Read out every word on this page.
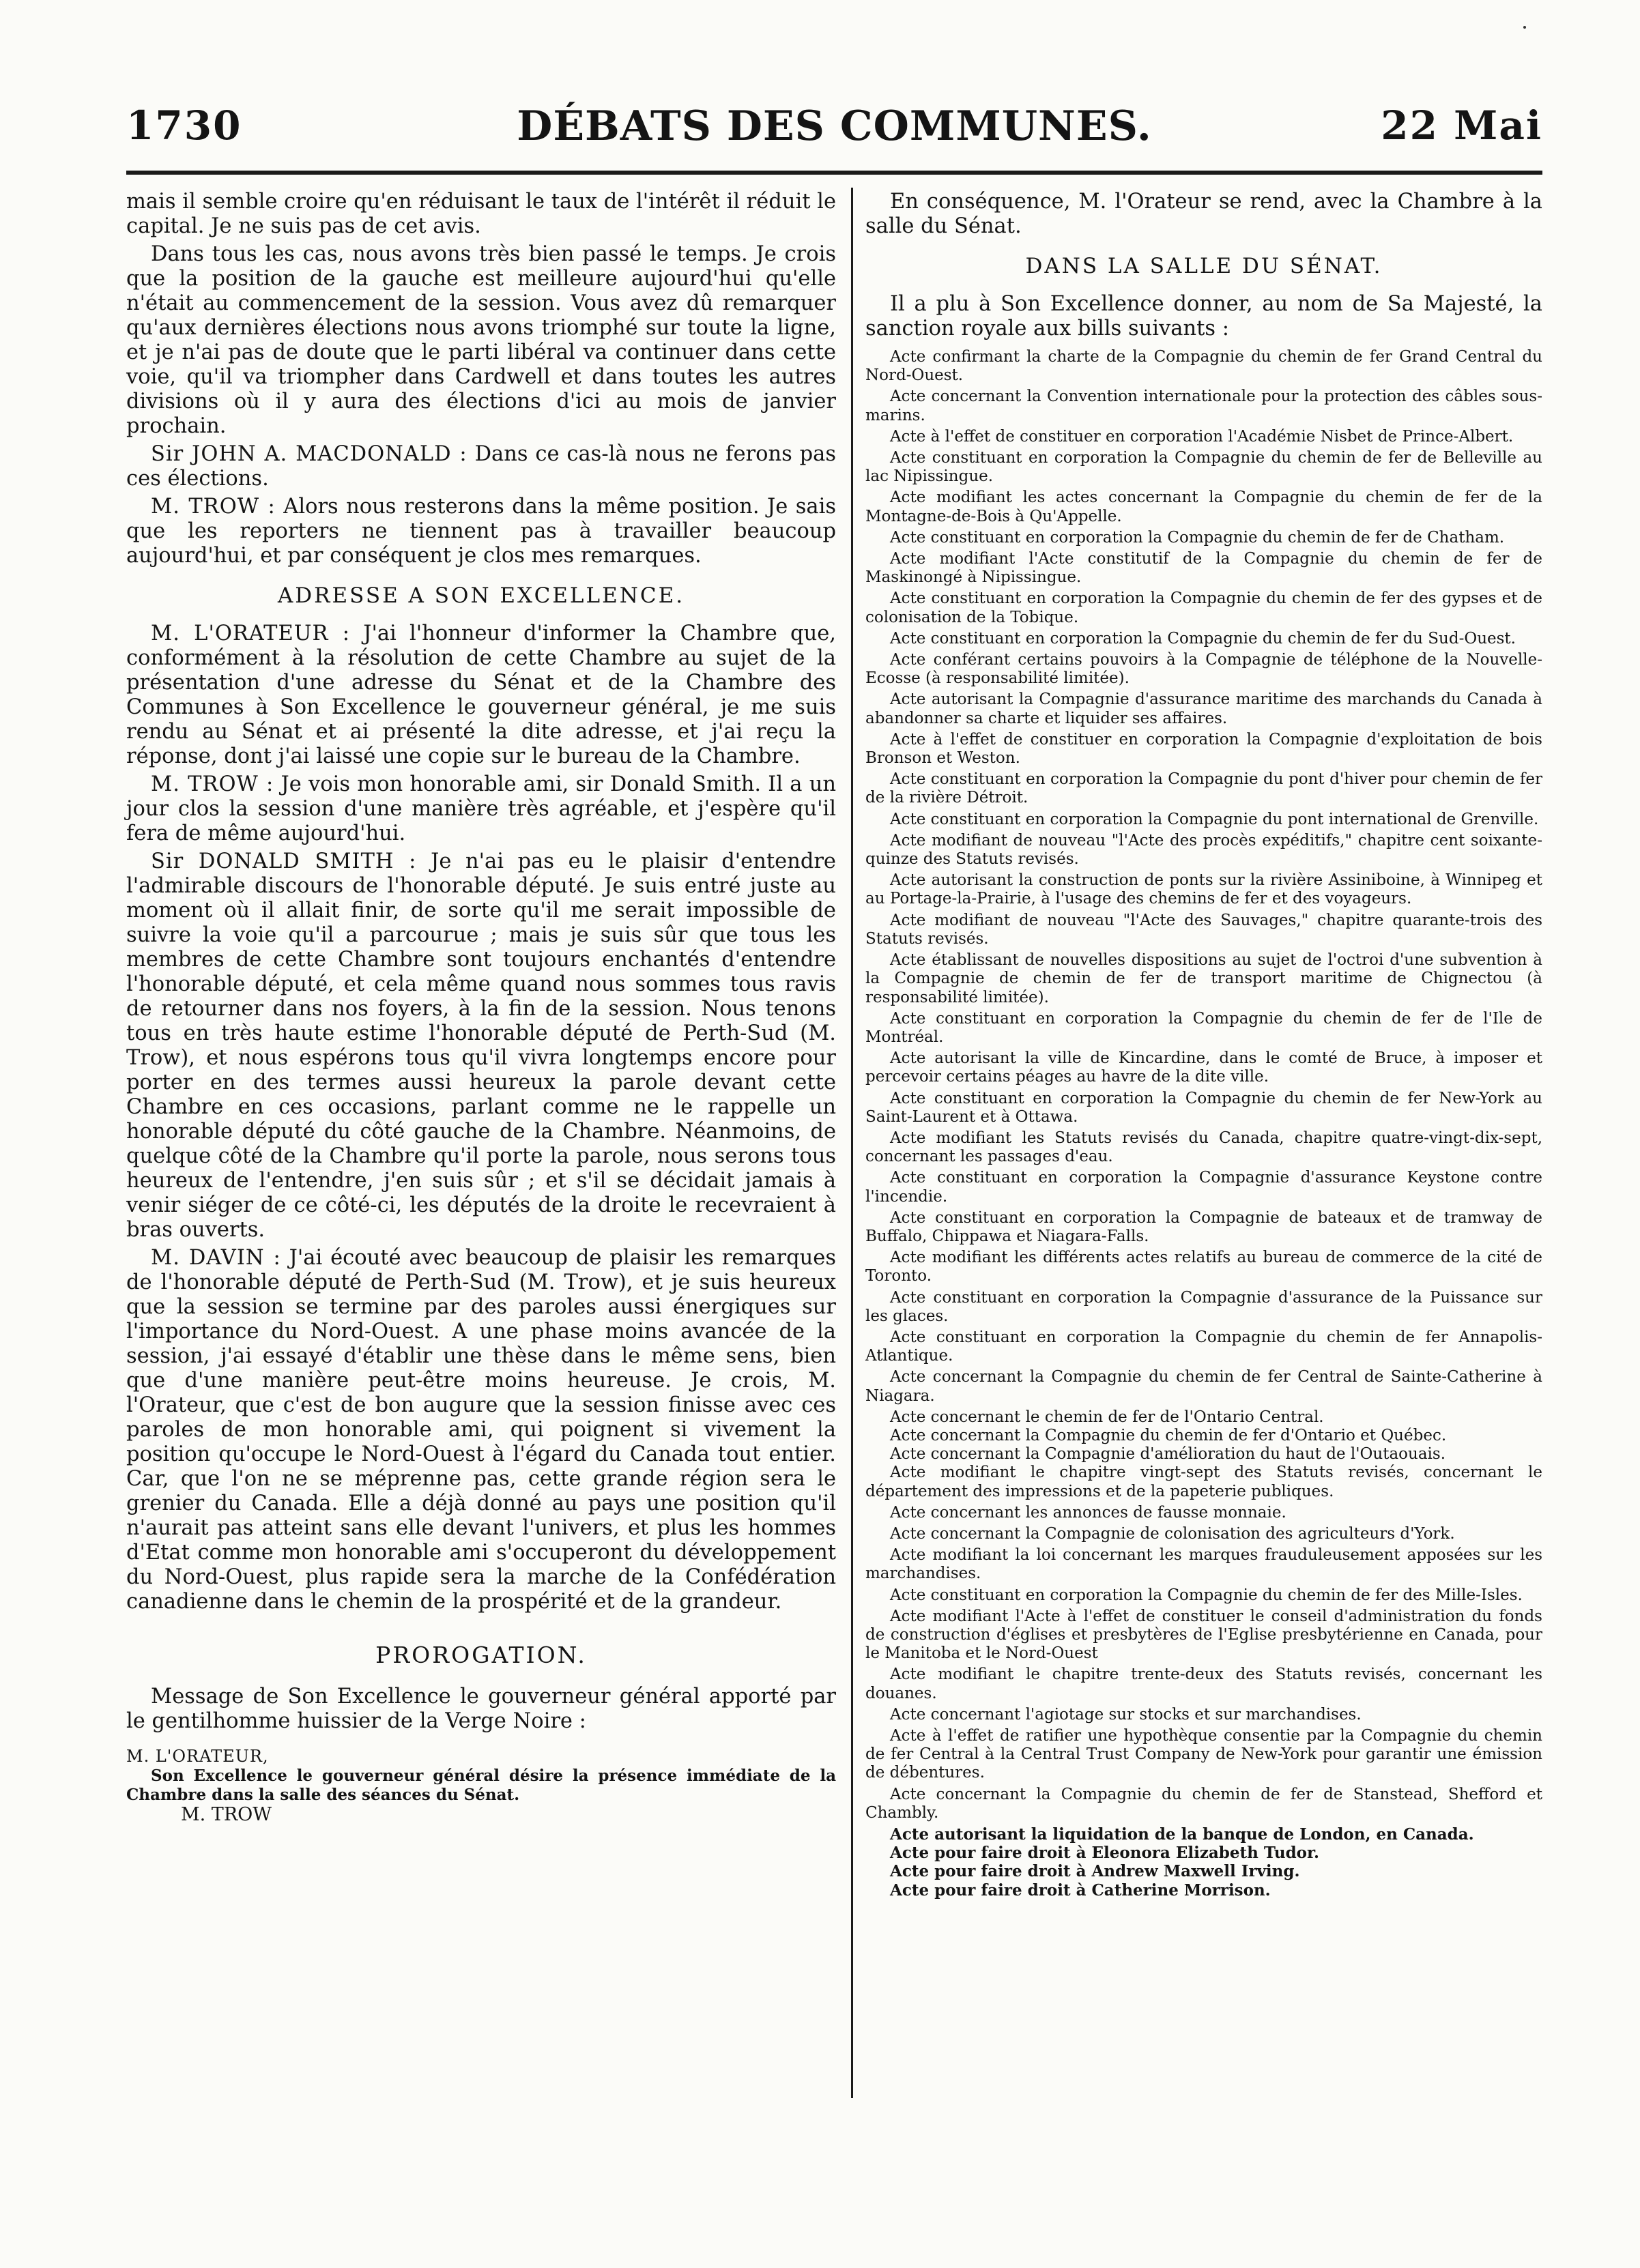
1730	DÉBATS DES COMMUNES.	22 Mai

mais il semble croire qu'en réduisant le taux de l'intérêt il réduit le capital. Je ne suis pas de cet avis.

Dans tous les cas, nous avons très bien passé le temps. Je crois que la position de la gauche est meilleure aujourd'hui qu'elle n'était au commencement de la session. Vous avez dû remarquer qu'aux dernières élections nous avons triomphé sur toute la ligne, et je n'ai pas de doute que le parti libéral va continuer dans cette voie, qu'il va triompher dans Cardwell et dans toutes les autres divisions où il y aura des élections d'ici au mois de janvier prochain.

Sir JOHN A. MACDONALD : Dans ce cas-là nous ne ferons pas ces élections.

M. TROW : Alors nous resterons dans la même position. Je sais que les reporters ne tiennent pas à travailler beaucoup aujourd'hui, et par conséquent je clos mes remarques.

ADRESSE A SON EXCELLENCE.

M. L'ORATEUR : J'ai l'honneur d'informer la Chambre que, conformément à la résolution de cette Chambre au sujet de la présentation d'une adresse du Sénat et de la Chambre des Communes à Son Excellence le gouverneur général, je me suis rendu au Sénat et ai présenté la dite adresse, et j'ai reçu la réponse, dont j'ai laissé une copie sur le bureau de la Chambre.

M. TROW : Je vois mon honorable ami, sir Donald Smith. Il a un jour clos la session d'une manière très agréable, et j'espère qu'il fera de même aujourd'hui.

Sir DONALD SMITH : Je n'ai pas eu le plaisir d'entendre l'admirable discours de l'honorable député. Je suis entré juste au moment où il allait finir, de sorte qu'il me serait impossible de suivre la voie qu'il a parcourue ; mais je suis sûr que tous les membres de cette Chambre sont toujours enchantés d'entendre l'honorable député, et cela même quand nous sommes tous ravis de retourner dans nos foyers, à la fin de la session. Nous tenons tous en très haute estime l'honorable député de Perth-Sud (M. Trow), et nous espérons tous qu'il vivra longtemps encore pour porter en des termes aussi heureux la parole devant cette Chambre en ces occasions, parlant comme ne le rappelle un honorable député du côté gauche de la Chambre. Néanmoins, de quelque côté de la Chambre qu'il porte la parole, nous serons tous heureux de l'entendre, j'en suis sûr ; et s'il se décidait jamais à venir siéger de ce côté-ci, les députés de la droite le recevraient à bras ouverts.

M. DAVIN : J'ai écouté avec beaucoup de plaisir les remarques de l'honorable député de Perth-Sud (M. Trow), et je suis heureux que la session se termine par des paroles aussi énergiques sur l'importance du Nord-Ouest. A une phase moins avancée de la session, j'ai essayé d'établir une thèse dans le même sens, bien que d'une manière peut-être moins heureuse. Je crois, M. l'Orateur, que c'est de bon augure que la session finisse avec ces paroles de mon honorable ami, qui poignent si vivement la position qu'occupe le Nord-Ouest à l'égard du Canada tout entier. Car, que l'on ne se méprenne pas, cette grande région sera le grenier du Canada. Elle a déjà donné au pays une position qu'il n'aurait pas atteint sans elle devant l'univers, et plus les hommes d'Etat comme mon honorable ami s'occuperont du développement du Nord-Ouest, plus rapide sera la marche de la Confédération canadienne dans le chemin de la prospérité et de la grandeur.

PROROGATION.

Message de Son Excellence le gouverneur général apporté par le gentilhomme huissier de la Verge Noire :

M. L'ORATEUR,

Son Excellence le gouverneur général désire la présence immédiate de la Chambre dans la salle des séances du Sénat.

M. TROW

En conséquence, M. l'Orateur se rend, avec la Chambre à la salle du Sénat.

DANS LA SALLE DU SÉNAT.

Il a plu à Son Excellence donner, au nom de Sa Majesté, la sanction royale aux bills suivants :

Acte confirmant la charte de la Compagnie du chemin de fer Grand Central du Nord-Ouest.

Acte concernant la Convention internationale pour la protection des câbles sous-marins.

Acte à l'effet de constituer en corporation l'Académie Nisbet de Prince-Albert.

Acte constituant en corporation la Compagnie du chemin de fer de Belleville au lac Nipissingue.

Acte modifiant les actes concernant la Compagnie du chemin de fer de la Montagne-de-Bois à Qu'Appelle.

Acte constituant en corporation la Compagnie du chemin de fer de Chatham.

Acte modifiant l'Acte constitutif de la Compagnie du chemin de fer de Maskinongé à Nipissingue.

Acte constituant en corporation la Compagnie du chemin de fer des gypses et de colonisation de la Tobique.

Acte constituant en corporation la Compagnie du chemin de fer du Sud-Ouest.

Acte conférant certains pouvoirs à la Compagnie de téléphone de la Nouvelle-Ecosse (à responsabilité limitée).

Acte autorisant la Compagnie d'assurance maritime des marchands du Canada à abandonner sa charte et liquider ses affaires.

Acte à l'effet de constituer en corporation la Compagnie d'exploitation de bois Bronson et Weston.

Acte constituant en corporation la Compagnie du pont d'hiver pour chemin de fer de la rivière Détroit.

Acte constituant en corporation la Compagnie du pont international de Grenville.

Acte modifiant de nouveau "l'Acte des procès expéditifs," chapitre cent soixante-quinze des Statuts revisés.

Acte autorisant la construction de ponts sur la rivière Assiniboine, à Winnipeg et au Portage-la-Prairie, à l'usage des chemins de fer et des voyageurs.

Acte modifiant de nouveau "l'Acte des Sauvages," chapitre quarante-trois des Statuts revisés.

Acte établissant de nouvelles dispositions au sujet de l'octroi d'une subvention à la Compagnie de chemin de fer de transport maritime de Chignectou (à responsabilité limitée).

Acte constituant en corporation la Compagnie du chemin de fer de l'Ile de Montréal.

Acte autorisant la ville de Kincardine, dans le comté de Bruce, à imposer et percevoir certains péages au havre de la dite ville.

Acte constituant en corporation la Compagnie du chemin de fer New-York au Saint-Laurent et à Ottawa.

Acte modifiant les Statuts revisés du Canada, chapitre quatre-vingt-dix-sept, concernant les passages d'eau.

Acte constituant en corporation la Compagnie d'assurance Keystone contre l'incendie.

Acte constituant en corporation la Compagnie de bateaux et de tramway de Buffalo, Chippawa et Niagara-Falls.

Acte modifiant les différents actes relatifs au bureau de commerce de la cité de Toronto.

Acte constituant en corporation la Compagnie d'assurance de la Puissance sur les glaces.

Acte constituant en corporation la Compagnie du chemin de fer Annapolis-Atlantique.

Acte concernant la Compagnie du chemin de fer Central de Sainte-Catherine à Niagara.

Acte concernant le chemin de fer de l'Ontario Central.

Acte concernant la Compagnie du chemin de fer d'Ontario et Québec.

Acte concernant la Compagnie d'amélioration du haut de l'Outaouais.

Acte modifiant le chapitre vingt-sept des Statuts revisés, concernant le département des impressions et de la papeterie publiques.

Acte concernant les annonces de fausse monnaie.

Acte concernant la Compagnie de colonisation des agriculteurs d'York.

Acte modifiant la loi concernant les marques frauduleusement apposées sur les marchandises.

Acte constituant en corporation la Compagnie du chemin de fer des Mille-Isles.

Acte modifiant l'Acte à l'effet de constituer le conseil d'administration du fonds de construction d'églises et presbytères de l'Eglise presbytérienne en Canada, pour le Manitoba et le Nord-Ouest

Acte modifiant le chapitre trente-deux des Statuts revisés, concernant les douanes.

Acte concernant l'agiotage sur stocks et sur marchandises.

Acte à l'effet de ratifier une hypothèque consentie par la Compagnie du chemin de fer Central à la Central Trust Company de New-York pour garantir une émission de débentures.

Acte concernant la Compagnie du chemin de fer de Stanstead, Shefford et Chambly.

Acte autorisant la liquidation de la banque de London, en Canada.

Acte pour faire droit à Eleonora Elizabeth Tudor.

Acte pour faire droit à Andrew Maxwell Irving.

Acte pour faire droit à Catherine Morrison.
